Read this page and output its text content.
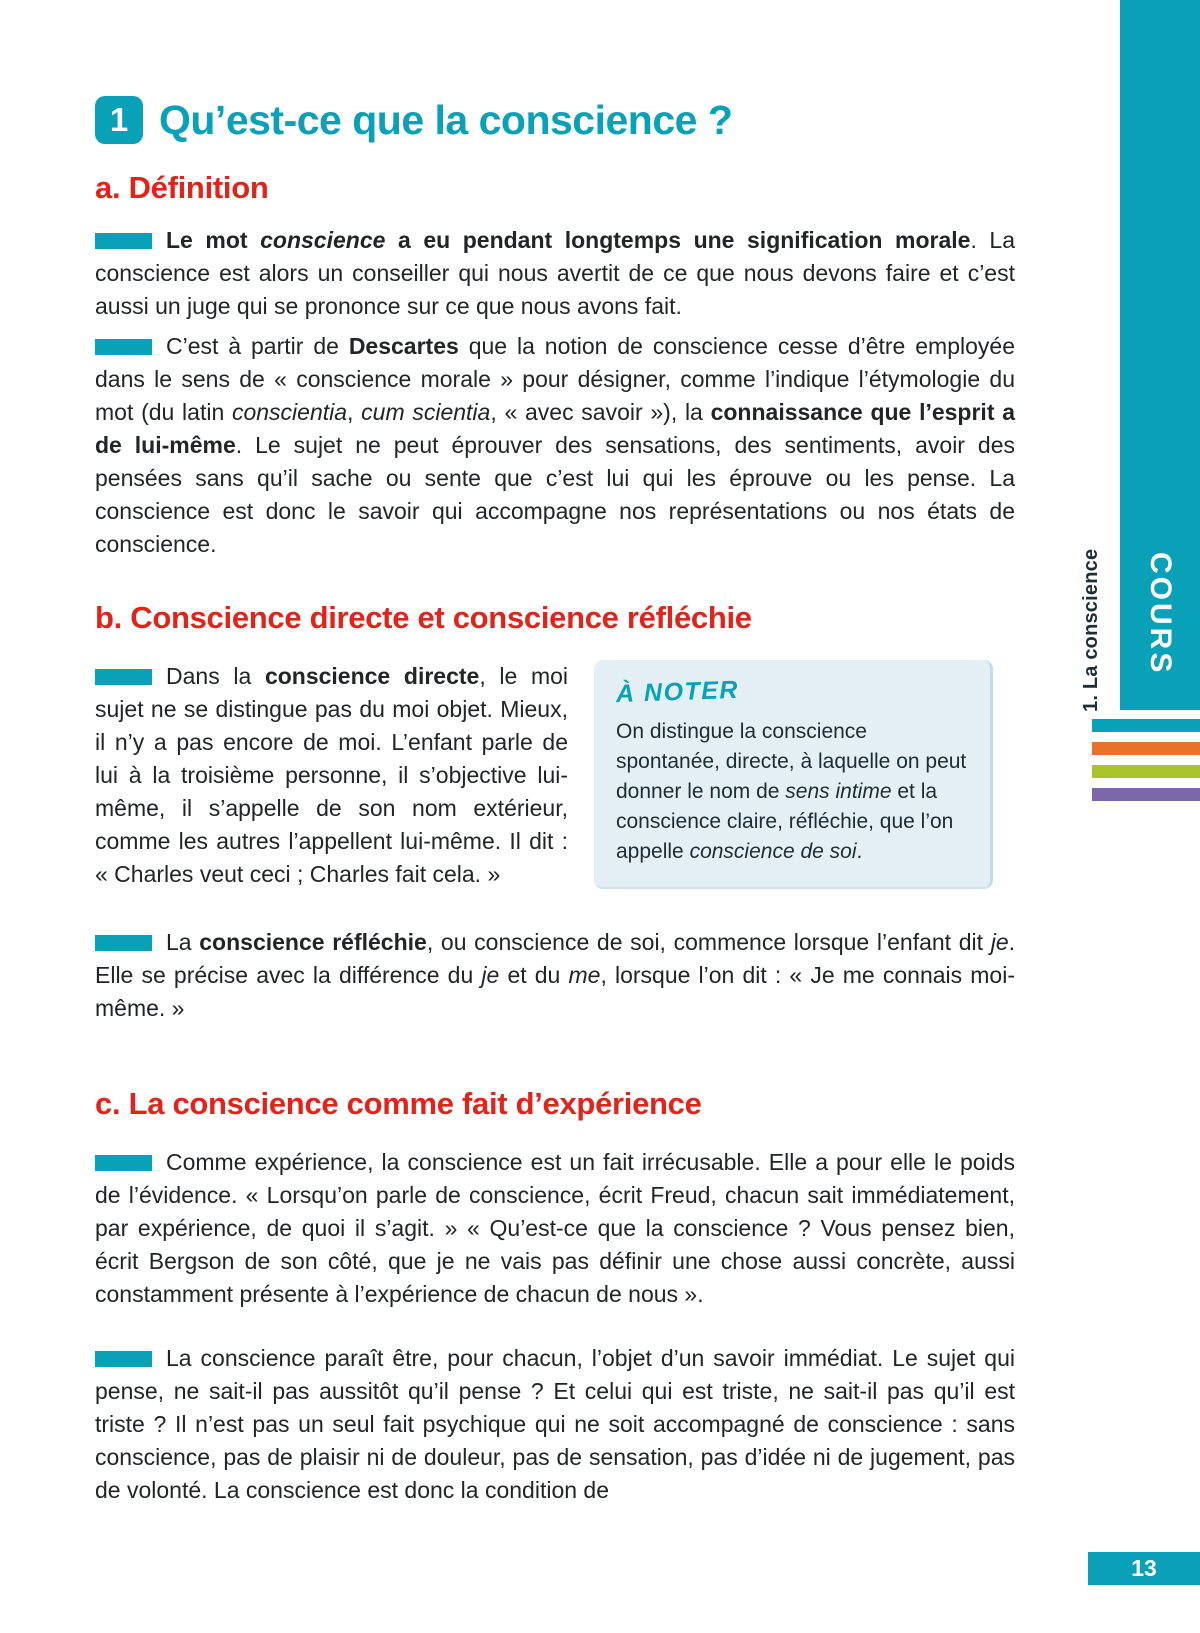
1 Qu’est-ce que la conscience ?
a. Définition

Le mot conscience a eu pendant longtemps une signification morale. La conscience est alors un conseiller qui nous avertit de ce que nous devons faire et c’est aussi un juge qui se prononce sur ce que nous avons fait.

C’est à partir de Descartes que la notion de conscience cesse d’être employée dans le sens de « conscience morale » pour désigner, comme l’indique l’étymologie du mot (du latin conscientia, cum scientia, « avec savoir »), la connaissance que l’esprit a de lui-même. Le sujet ne peut éprouver des sensations, des sentiments, avoir des pensées sans qu’il sache ou sente que c’est lui qui les éprouve ou les pense. La conscience est donc le savoir qui accompagne nos représentations ou nos états de conscience.

b. Conscience directe et conscience réfléchie

Dans la conscience directe, le moi sujet ne se distingue pas du moi objet. Mieux, il n’y a pas encore de moi. L’enfant parle de lui à la troisième personne, il s’objective lui-même, il s’appelle de son nom extérieur, comme les autres l’appellent lui-même. Il dit : « Charles veut ceci ; Charles fait cela. »

À NOTER
On distingue la conscience spontanée, directe, à laquelle on peut donner le nom de sens intime et la conscience claire, réfléchie, que l’on appelle conscience de soi.

La conscience réfléchie, ou conscience de soi, commence lorsque l’enfant dit je. Elle se précise avec la différence du je et du me, lorsque l’on dit : « Je me connais moi-même. »

c. La conscience comme fait d’expérience

Comme expérience, la conscience est un fait irrécusable. Elle a pour elle le poids de l’évidence. « Lorsqu’on parle de conscience, écrit Freud, chacun sait immédiatement, par expérience, de quoi il s’agit. » « Qu’est-ce que la conscience ? Vous pensez bien, écrit Bergson de son côté, que je ne vais pas définir une chose aussi concrète, aussi constamment présente à l’expérience de chacun de nous ».

La conscience paraît être, pour chacun, l’objet d’un savoir immédiat. Le sujet qui pense, ne sait-il pas aussitôt qu’il pense ? Et celui qui est triste, ne sait-il pas qu’il est triste ? Il n’est pas un seul fait psychique qui ne soit accompagné de conscience : sans conscience, pas de plaisir ni de douleur, pas de sensation, pas d’idée ni de jugement, pas de volonté. La conscience est donc la condition de

COURS
1. La conscience
13
